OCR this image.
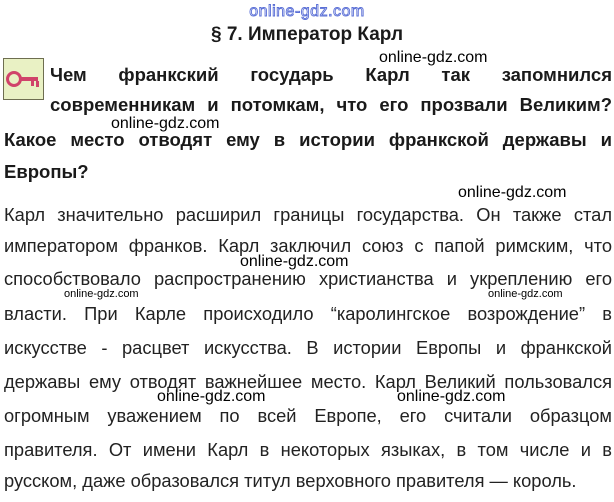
online-gdz.com
§ 7. Император Карл
Чем франкский государь Карл так запомнился
современникам и потомкам, что его прозвали Великим?
Какое место отводят ему в истории франкской державы и
Европы?
Карл значительно расширил границы государства. Он также стал
императором франков. Карл заключил союз с папой римским, что
способствовало распространению христианства и укреплению его
власти. При Карле происходило “каролингское возрождение” в
искусстве - расцвет искусства. В истории Европы и франкской
державы ему отводят важнейшее место. Карл Великий пользовался
огромным уважением по всей Европе, его считали образцом
правителя. От имени Карл в некоторых языках, в том числе и в
русском, даже образовался титул верховного правителя — король.
online-gdz.com
online-gdz.com
online-gdz.com
online-gdz.com
online-gdz.com	online-gdz.com
online-gdz.com	online-gdz.com
